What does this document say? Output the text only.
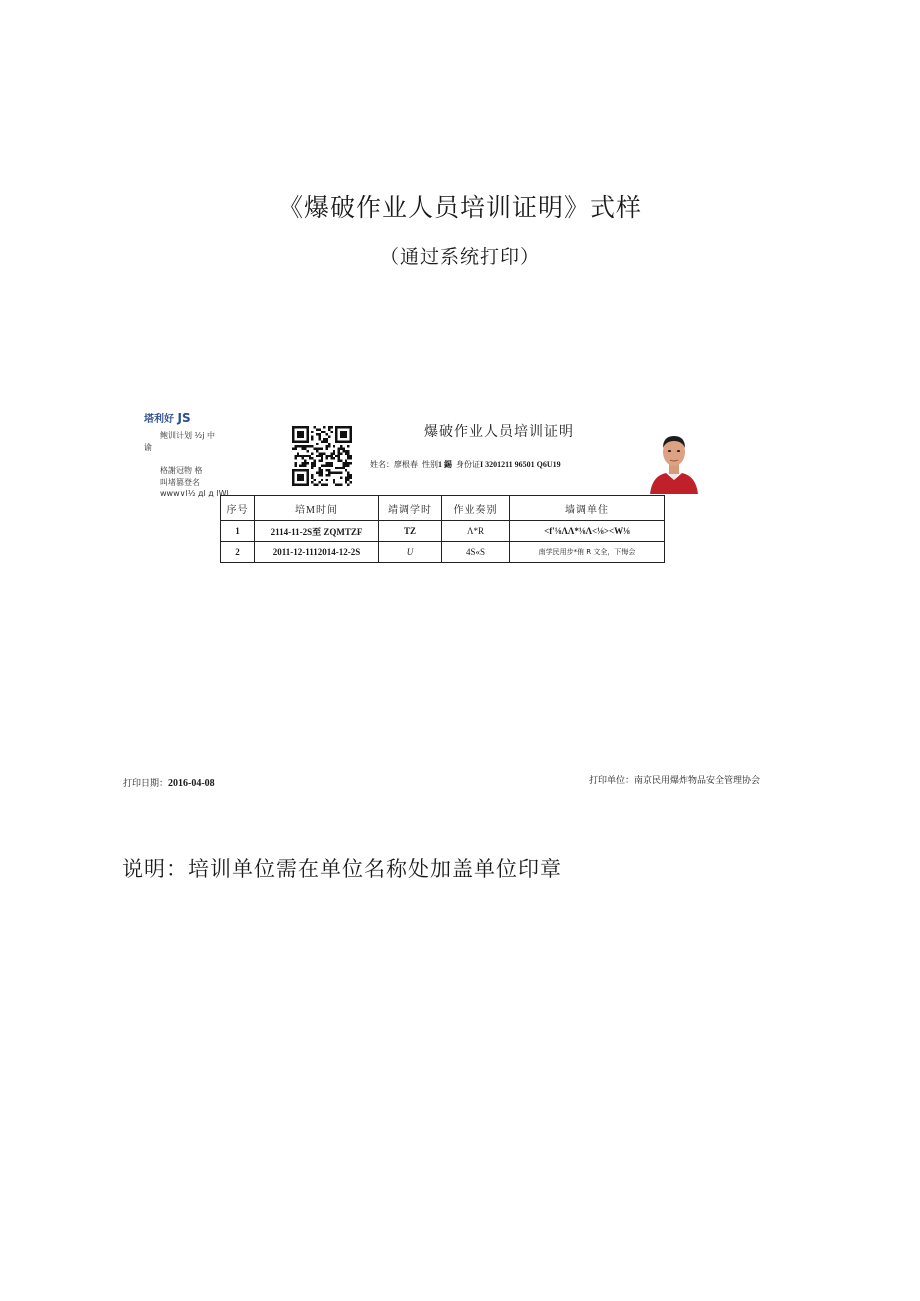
《爆破作业人员培训证明》式样
（通过系统打印）
塔利好 JS
鲍训计划 ½j 中
谕
格謝冠物 格
叫堵篡登名
www∨l½ дl д lWl
爆破作业人员培训证明
姓名：廖根春 性别1 錫 身份证I 3201211 96501 Q6U19
序号	培M时间	靖调学时	作业奏别	墙调单住
1	2114-11-2S至 ZQMTZF	TZ	Λ*R	<f'⅛ΛΛ*⅛Λ<⅛><W⅛
2	2011-12-1112014-12-2S	U	4S«S	南学民用步*侑 R 文全，下悔会
打印日期：2016-04-08	打印单位：南京民用爆炸物品安全管理协会
说明：培训单位需在单位名称处加盖单位印章
